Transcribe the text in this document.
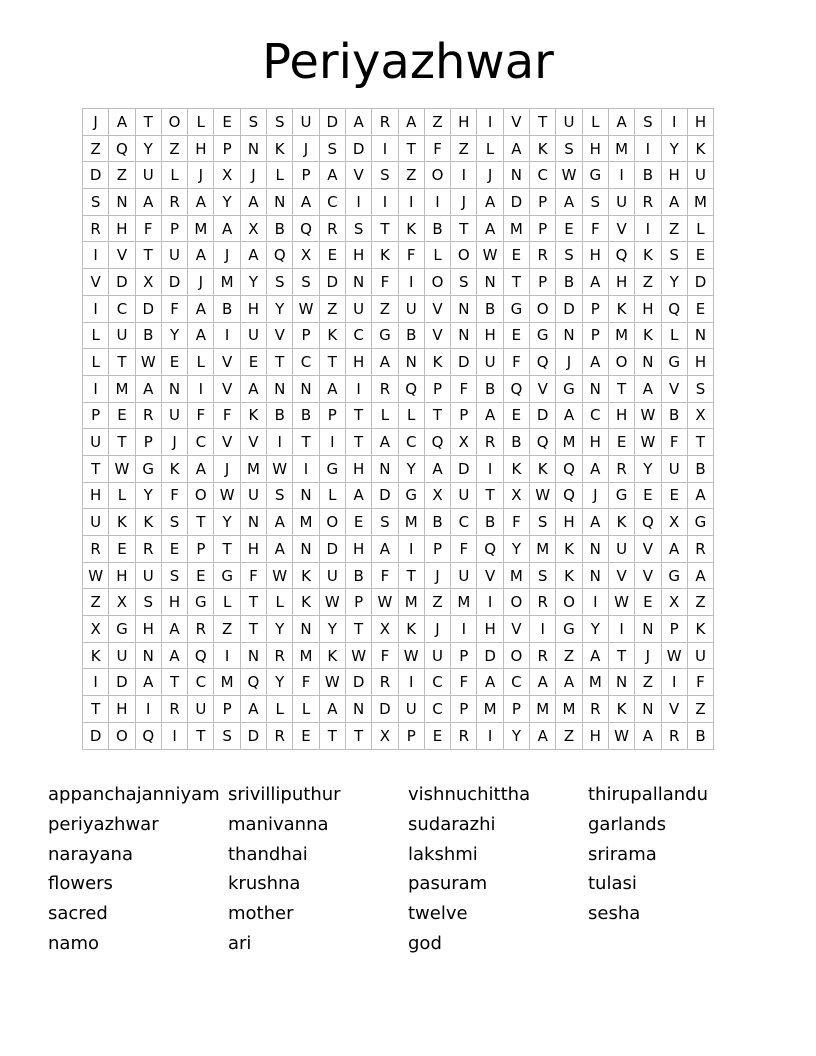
Periyazhwar
J	A	T	O	L	E	S	S	U	D	A	R	A	Z	H	I	V	T	U	L	A	S	I	H
Z	Q	Y	Z	H	P	N	K	J	S	D	I	T	F	Z	L	A	K	S	H	M	I	Y	K
D	Z	U	L	J	X	J	L	P	A	V	S	Z	O	I	J	N	C	W	G	I	B	H	U
S	N	A	R	A	Y	A	N	A	C	I	I	I	I	J	A	D	P	A	S	U	R	A	M
R	H	F	P	M	A	X	B	Q	R	S	T	K	B	T	A	M	P	E	F	V	I	Z	L
I	V	T	U	A	J	A	Q	X	E	H	K	F	L	O	W	E	R	S	H	Q	K	S	E
V	D	X	D	J	M	Y	S	S	D	N	F	I	O	S	N	T	P	B	A	H	Z	Y	D
I	C	D	F	A	B	H	Y	W	Z	U	Z	U	V	N	B	G	O	D	P	K	H	Q	E
L	U	B	Y	A	I	U	V	P	K	C	G	B	V	N	H	E	G	N	P	M	K	L	N
L	T	W	E	L	V	E	T	C	T	H	A	N	K	D	U	F	Q	J	A	O	N	G	H
I	M	A	N	I	V	A	N	N	A	I	R	Q	P	F	B	Q	V	G	N	T	A	V	S
P	E	R	U	F	F	K	B	B	P	T	L	L	T	P	A	E	D	A	C	H	W	B	X
U	T	P	J	C	V	V	I	T	I	T	A	C	Q	X	R	B	Q	M	H	E	W	F	T
T	W	G	K	A	J	M	W	I	G	H	N	Y	A	D	I	K	K	Q	A	R	Y	U	B
H	L	Y	F	O	W	U	S	N	L	A	D	G	X	U	T	X	W	Q	J	G	E	E	A
U	K	K	S	T	Y	N	A	M	O	E	S	M	B	C	B	F	S	H	A	K	Q	X	G
R	E	R	E	P	T	H	A	N	D	H	A	I	P	F	Q	Y	M	K	N	U	V	A	R
W	H	U	S	E	G	F	W	K	U	B	F	T	J	U	V	M	S	K	N	V	V	G	A
Z	X	S	H	G	L	T	L	K	W	P	W	M	Z	M	I	O	R	O	I	W	E	X	Z
X	G	H	A	R	Z	T	Y	N	Y	T	X	K	J	I	H	V	I	G	Y	I	N	P	K
K	U	N	A	Q	I	N	R	M	K	W	F	W	U	P	D	O	R	Z	A	T	J	W	U
I	D	A	T	C	M	Q	Y	F	W	D	R	I	C	F	A	C	A	A	M	N	Z	I	F
T	H	I	R	U	P	A	L	L	A	N	D	U	C	P	M	P	M	M	R	K	N	V	Z
D	O	Q	I	T	S	D	R	E	T	T	X	P	E	R	I	Y	A	Z	H	W	A	R	B
appanchajanniyam
periyazhwar
narayana
flowers
sacred
namo
srivilliputhur
manivanna
thandhai
krushna
mother
ari
vishnuchittha
sudarazhi
lakshmi
pasuram
twelve
god
thirupallandu
garlands
srirama
tulasi
sesha
